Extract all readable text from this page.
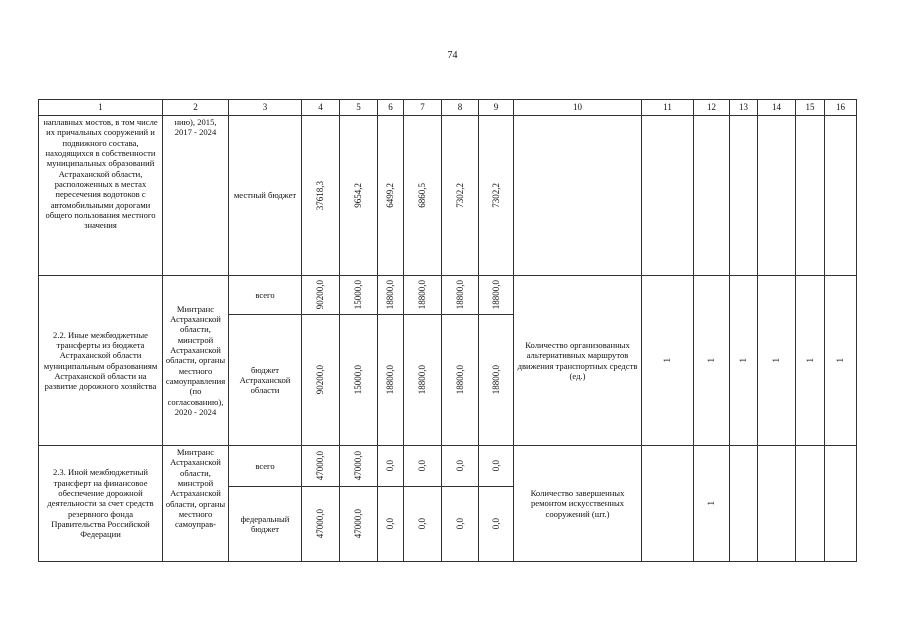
74
1	2	3	4	5	6	7	8	9	10	11	12	13	14	15	16

наплавных мостов, в том числе их причальных сооружений и подвижного состава, находящихся в собственности муниципальных образований Астраханской области, расположенных в местах пересечения водотоков с автомобильными дорогами общего пользования местного значения	нию), 2015, 2017 - 2024	местный бюджет	37618,3	9654,2	6499,2	6860,5	7302,2	7302,2							

2.2. Иные межбюджетные трансферты из бюджета Астраханской области муниципальным образованиям Астраханской области на развитие дорожного хозяйства	Минтранс Астраханской области, минстрой Астраханской области, органы местного самоуправления (по согласованию), 2020 - 2024	всего	90200,0	15000,0	18800,0	18800,0	18800,0	18800,0	Количество организованных альтернативных маршрутов движения транспортных средств (ед.)	1	1	1	1	1	1

		бюджет Астраханской области	90200,0	15000,0	18800,0	18800,0	18800,0	18800,0							

2.3. Иной межбюджетный трансферт на финансовое обеспечение дорожной деятельности за счет средств резервного фонда Правительства Российской Федерации	Минтранс Астраханской области, минстрой Астраханской области, органы местного самоуправ-	всего	47000,0	47000,0	0,0	0,0	0,0	0,0	Количество завершенных ремонтом искусственных сооружений (шт.)		1				

		федеральный бюджет	47000,0	47000,0	0,0	0,0	0,0	0,0							
